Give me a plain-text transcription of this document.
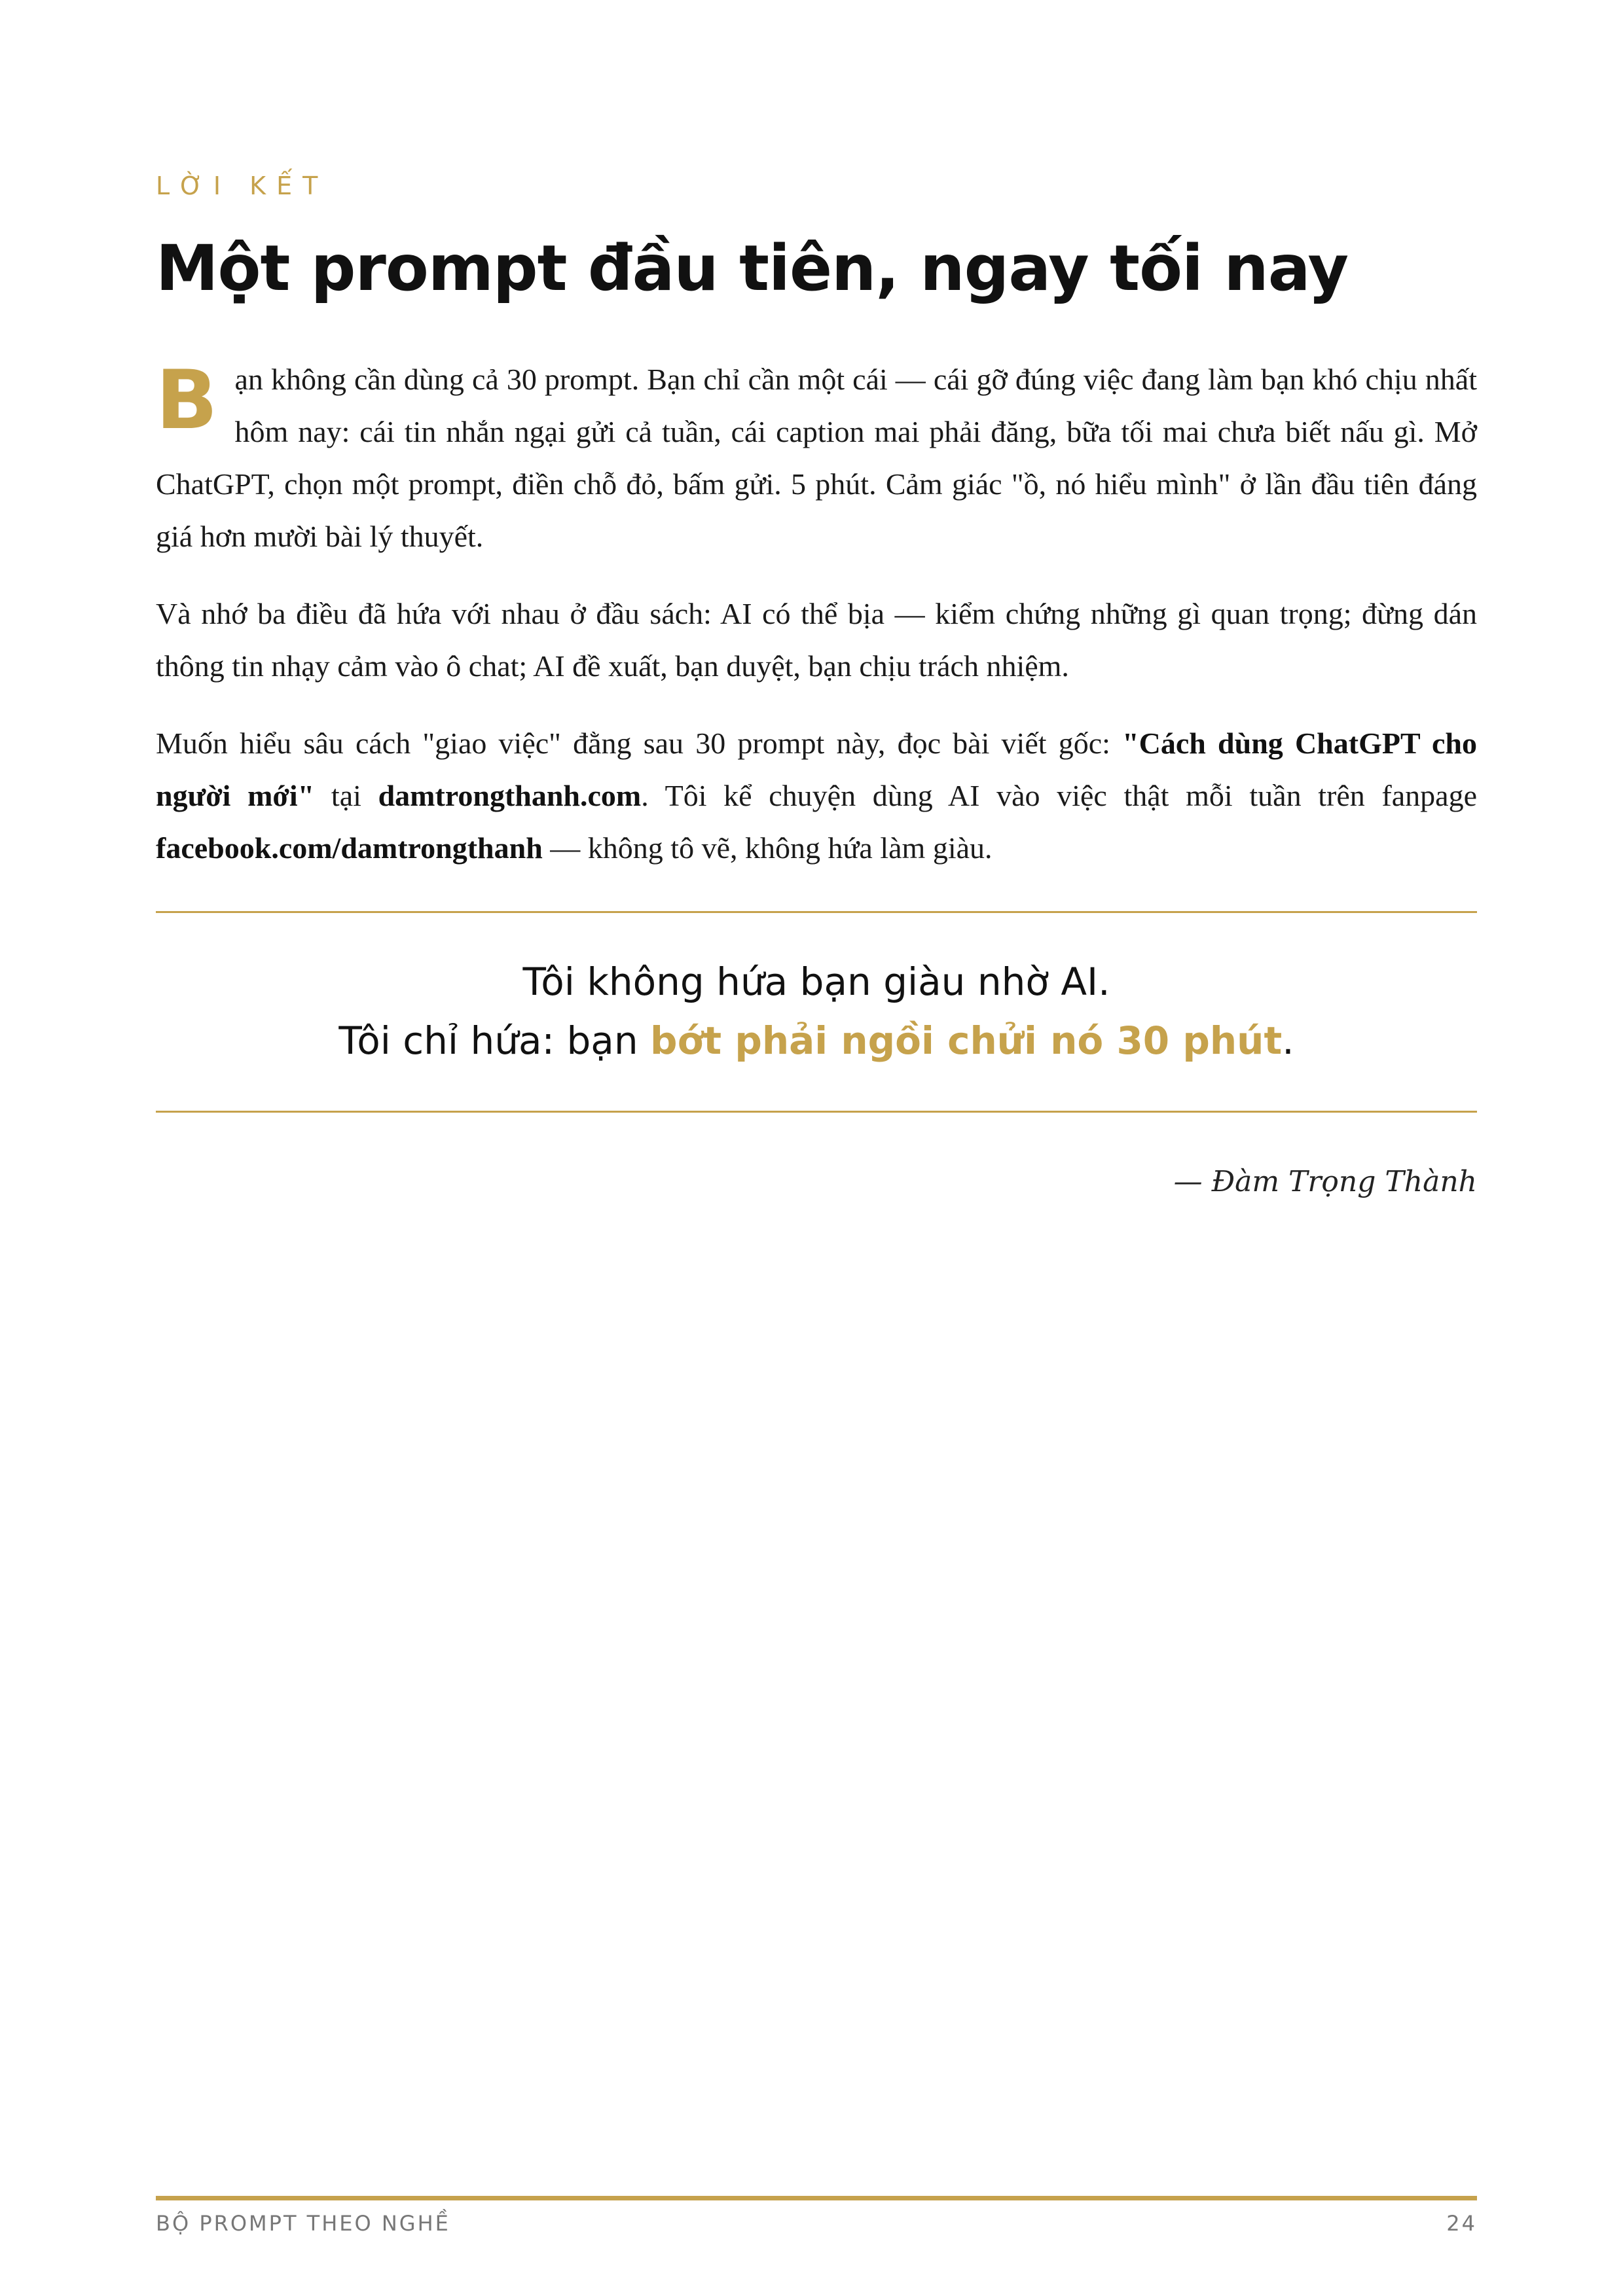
LỜI KẾT
Một prompt đầu tiên, ngay tối nay

Bạn không cần dùng cả 30 prompt. Bạn chỉ cần một cái — cái gỡ đúng việc đang làm bạn khó chịu nhất hôm nay: cái tin nhắn ngại gửi cả tuần, cái caption mai phải đăng, bữa tối mai chưa biết nấu gì. Mở ChatGPT, chọn một prompt, điền chỗ đỏ, bấm gửi. 5 phút. Cảm giác "ồ, nó hiểu mình" ở lần đầu tiên đáng giá hơn mười bài lý thuyết.

Và nhớ ba điều đã hứa với nhau ở đầu sách: AI có thể bịa — kiểm chứng những gì quan trọng; đừng dán thông tin nhạy cảm vào ô chat; AI đề xuất, bạn duyệt, bạn chịu trách nhiệm.

Muốn hiểu sâu cách "giao việc" đằng sau 30 prompt này, đọc bài viết gốc: "Cách dùng ChatGPT cho người mới" tại damtrongthanh.com. Tôi kể chuyện dùng AI vào việc thật mỗi tuần trên fanpage facebook.com/damtrongthanh — không tô vẽ, không hứa làm giàu.

Tôi không hứa bạn giàu nhờ AI.
Tôi chỉ hứa: bạn bớt phải ngồi chửi nó 30 phút.
— Đàm Trọng Thành
BỘ PROMPT THEO NGHỀ	24
